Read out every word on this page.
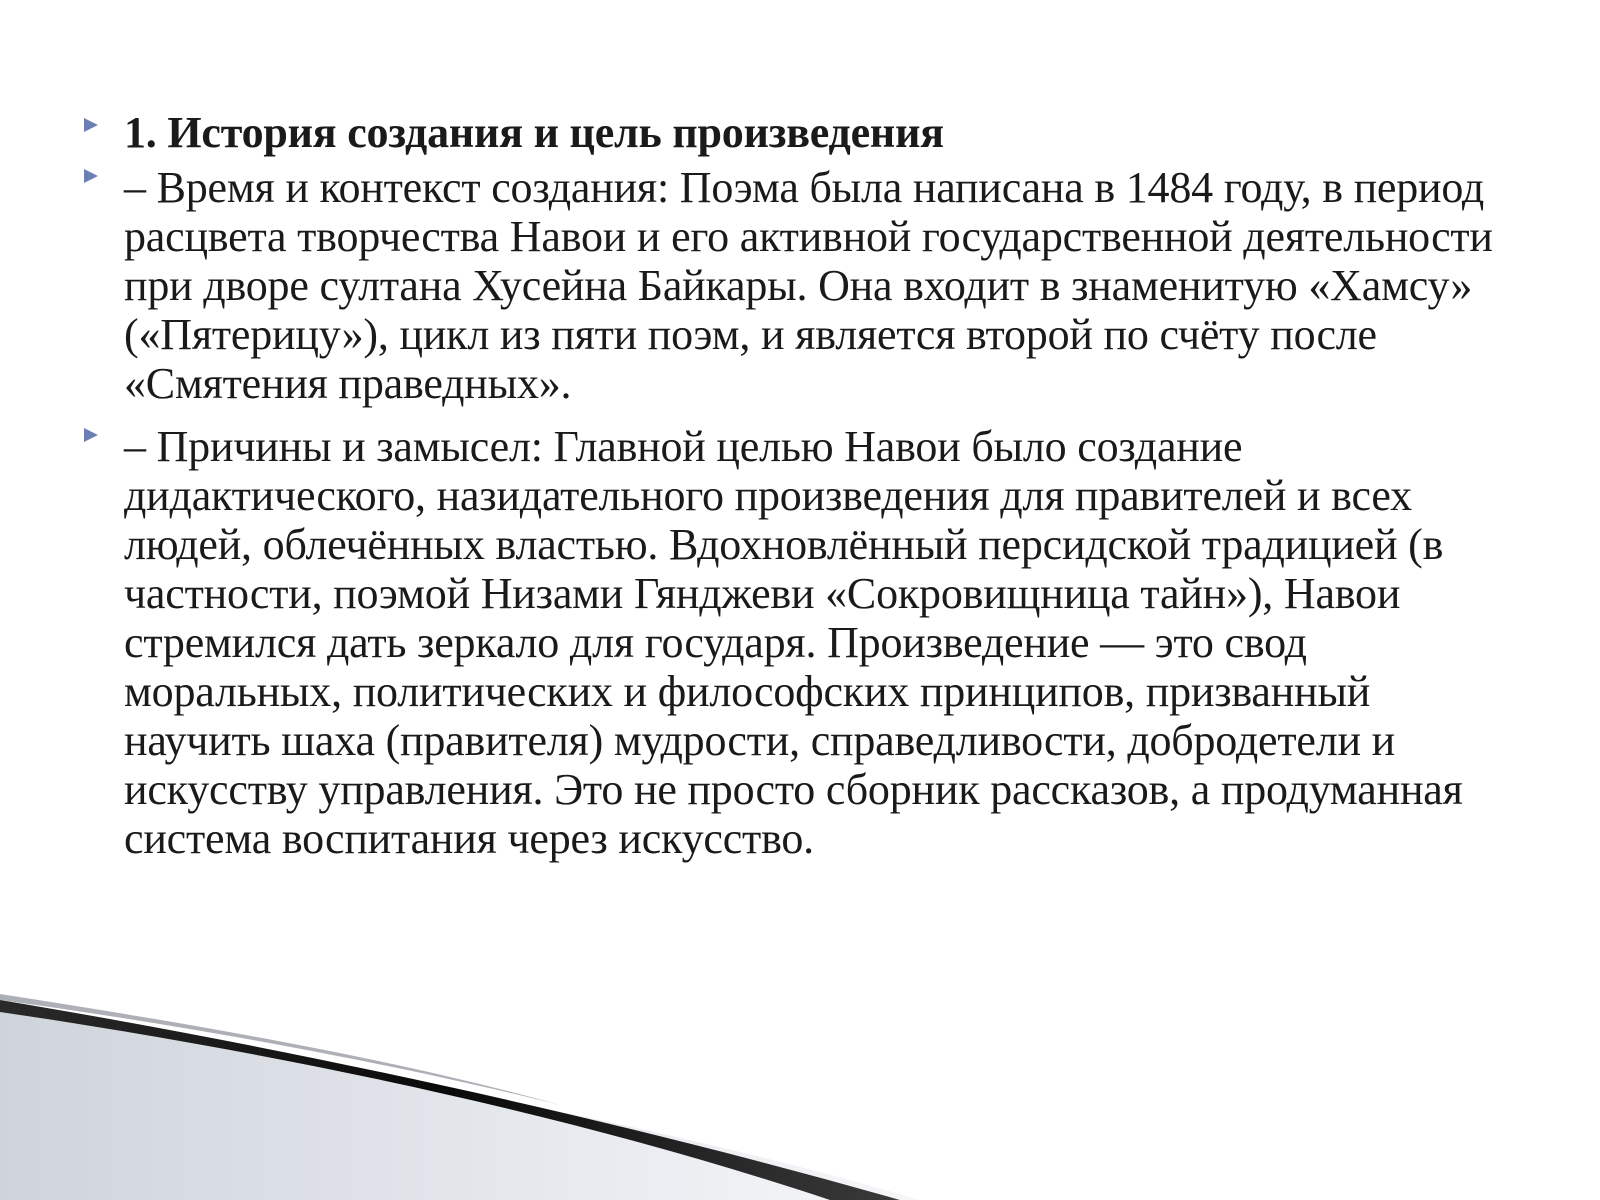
1. История создания и цель произведения

– Время и контекст создания: Поэма была написана в 1484 году, в период расцвета творчества Навои и его активной государственной деятельности при дворе султана Хусейна Байкары. Она входит в знаменитую «Хамсу» («Пятерицу»), цикл из пяти поэм, и является второй по счёту после «Смятения праведных».

– Причины и замысел: Главной целью Навои было создание дидактического, назидательного произведения для правителей и всех людей, облечённых властью. Вдохновлённый персидской традицией (в частности, поэмой Низами Гянджеви «Сокровищница тайн»), Навои стремился дать зеркало для государя. Произведение — это свод моральных, политических и философских принципов, призванный научить шаха (правителя) мудрости, справедливости, добродетели и искусству управления. Это не просто сборник рассказов, а продуманная система воспитания через искусство.
